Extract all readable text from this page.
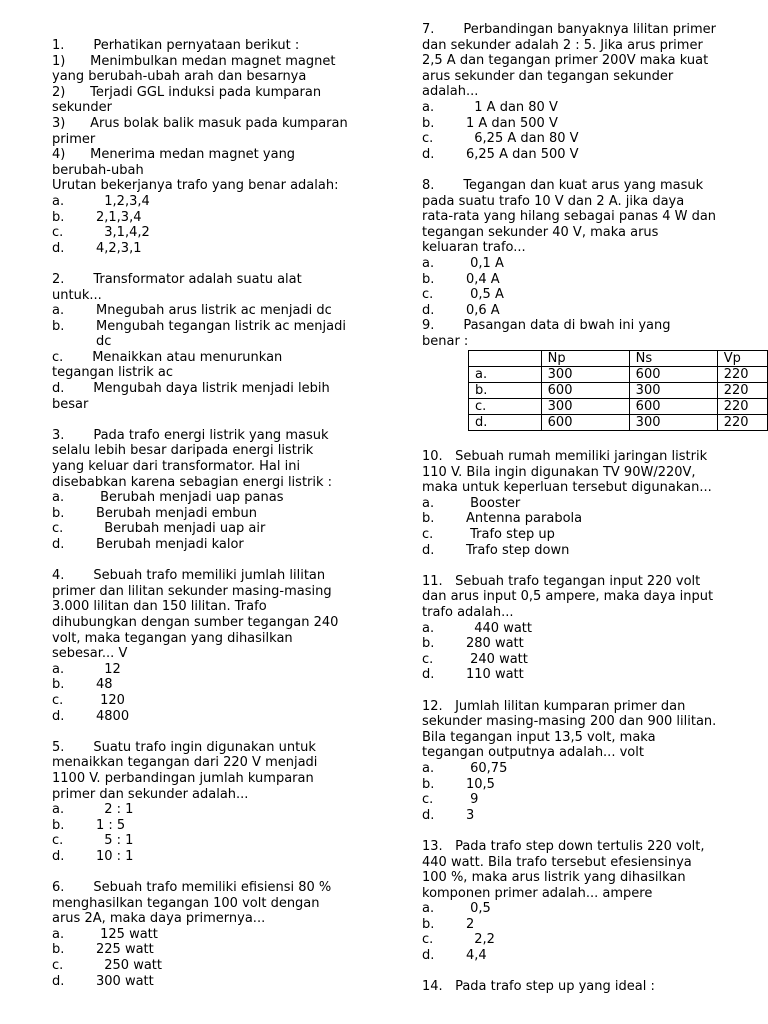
1.       Perhatikan pernyataan berikut :
1)      Menimbulkan medan magnet magnet
yang berubah-ubah arah dan besarnya
2)      Terjadi GGL induksi pada kumparan
sekunder
3)      Arus bolak balik masuk pada kumparan
primer
4)      Menerima medan magnet yang
berubah-ubah
Urutan bekerjanya trafo yang benar adalah:
a.  1,2,3,4
b. 2,1,3,4
c.	3,1,4,2
d. 4,2,3,1
2.       Transformator adalah suatu alat
untuk...
a. Mnegubah arus listrik ac menjadi dc
b. Mengubah tegangan listrik ac menjadi
dc
c.       Menaikkan atau menurunkan
tegangan listrik ac
d.       Mengubah daya listrik menjadi lebih
besar
3.       Pada trafo energi listrik yang masuk
selalu lebih besar daripada energi listrik
yang keluar dari transformator. Hal ini
disebabkan karena sebagian energi listrik :
a. Berubah menjadi uap panas
b. Berubah menjadi embun
c.	Berubah menjadi uap air
d. Berubah menjadi kalor
4.       Sebuah trafo memiliki jumlah lilitan
primer dan lilitan sekunder masing-masing
3.000 lilitan dan 150 lilitan. Trafo
dihubungkan dengan sumber tegangan 240
volt, maka tegangan yang dihasilkan
sebesar... V
a.  12
b. 48
c.	120
d. 4800
5.       Suatu trafo ingin digunakan untuk
menaikkan tegangan dari 220 V menjadi
1100 V. perbandingan jumlah kumparan
primer dan sekunder adalah...
a.  2 : 1
b. 1 : 5
c.	5 : 1
d. 10 : 1
6.       Sebuah trafo memiliki efisiensi 80 %
menghasilkan tegangan 100 volt dengan
arus 2A, maka daya primernya...
a. 125 watt
b. 225 watt
c.	250 watt
d. 300 watt
7.       Perbandingan banyaknya lilitan primer
dan sekunder adalah 2 : 5. Jika arus primer
2,5 A dan tegangan primer 200V maka kuat
arus sekunder dan tegangan sekunder
adalah...
a.  1 A dan 80 V
b. 1 A dan 500 V
c.	6,25 A dan 80 V
d. 6,25 A dan 500 V
8.       Tegangan dan kuat arus yang masuk
pada suatu trafo 10 V dan 2 A. jika daya
rata-rata yang hilang sebagai panas 4 W dan
tegangan sekunder 40 V, maka arus
keluaran trafo...
a. 0,1 A
b. 0,4 A
c.	0,5 A
d. 0,6 A
9.       Pasangan data di bwah ini yang
benar :
	Np	Ns	Vp
a.	300	600	220
b.	600	300	220
c.	300	600	220
d.	600	300	220
10.   Sebuah rumah memiliki jaringan listrik
110 V. Bila ingin digunakan TV 90W/220V,
maka untuk keperluan tersebut digunakan...
a. Booster
b. Antenna parabola
c.	Trafo step up
d. Trafo step down
11.   Sebuah trafo tegangan input 220 volt
dan arus input 0,5 ampere, maka daya input
trafo adalah...
a.  440 watt
b. 280 watt
c.	240 watt
d. 110 watt
12.   Jumlah lilitan kumparan primer dan
sekunder masing-masing 200 dan 900 lilitan.
Bila tegangan input 13,5 volt, maka
tegangan outputnya adalah... volt
a. 60,75
b. 10,5
c.	9
d. 3
13.   Pada trafo step down tertulis 220 volt,
440 watt. Bila trafo tersebut efesiensinya
100 %, maka arus listrik yang dihasilkan
komponen primer adalah... ampere
a. 0,5
b. 2
c.	2,2
d. 4,4
14.   Pada trafo step up yang ideal :
